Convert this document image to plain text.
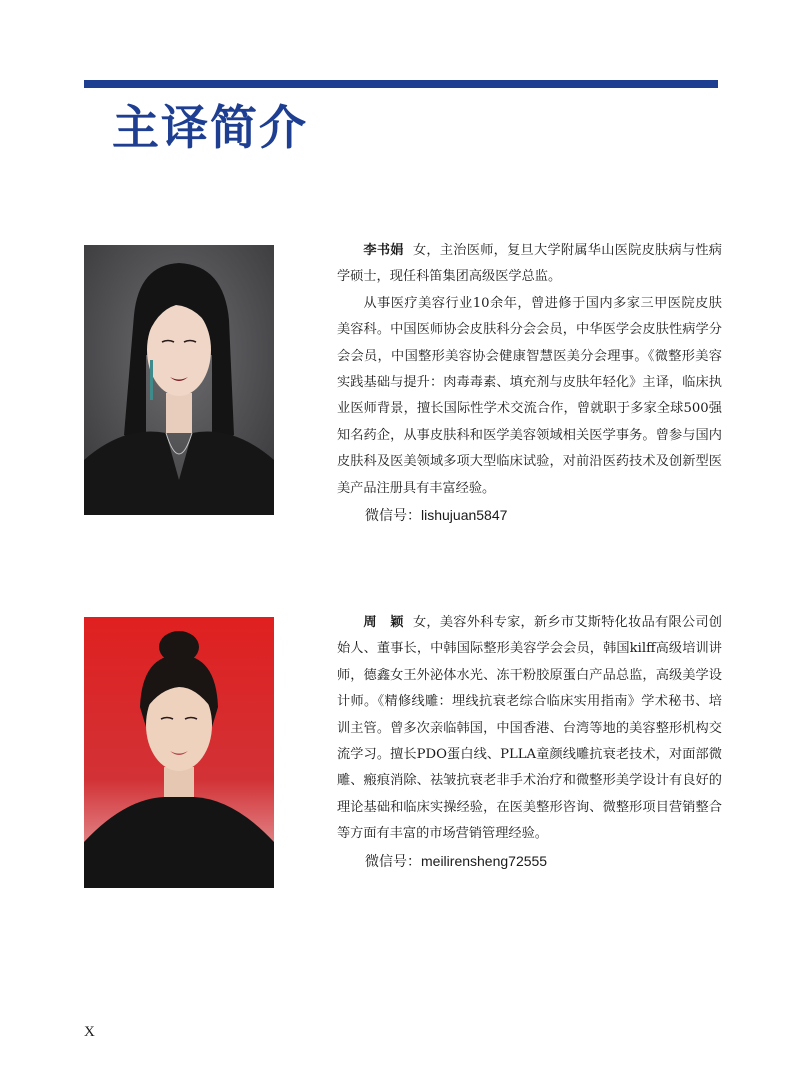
主译简介

李书娟 女，主治医师，复旦大学附属华山医院皮肤病与性病学硕士，现任科笛集团高级医学总监。

从事医疗美容行业10余年，曾进修于国内多家三甲医院皮肤美容科。中国医师协会皮肤科分会会员，中华医学会皮肤性病学分会会员，中国整形美容协会健康智慧医美分会理事。《微整形美容实践基础与提升：肉毒毒素、填充剂与皮肤年轻化》主译，临床执业医师背景，擅长国际性学术交流合作，曾就职于多家全球500强知名药企，从事皮肤科和医学美容领域相关医学事务。曾参与国内皮肤科及医美领域多项大型临床试验，对前沿医药技术及创新型医美产品注册具有丰富经验。

微信号：lishujuan5847

周　颖 女，美容外科专家，新乡市艾斯特化妆品有限公司创始人、董事长，中韩国际整形美容学会会员，韩国kilff高级培训讲师，德鑫女王外泌体水光、冻干粉胶原蛋白产品总监，高级美学设计师。《精修线雕：埋线抗衰老综合临床实用指南》学术秘书、培训主管。曾多次亲临韩国，中国香港、台湾等地的美容整形机构交流学习。擅长PDO蛋白线、PLLA童颜线雕抗衰老技术，对面部微雕、瘢痕消除、祛皱抗衰老非手术治疗和微整形美学设计有良好的理论基础和临床实操经验，在医美整形咨询、微整形项目营销整合等方面有丰富的市场营销管理经验。

微信号：meilirensheng72555

X
